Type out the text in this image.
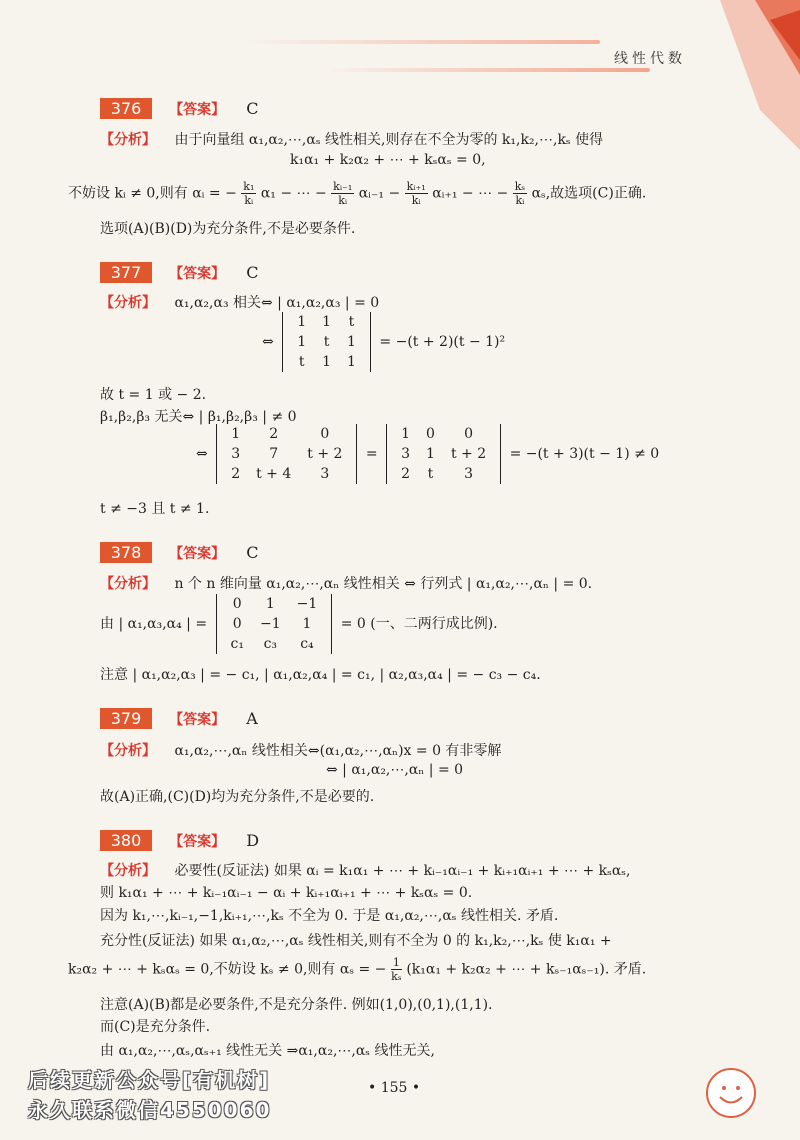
线性代数
376 【答案】 C
【分析】 由于向量组 α₁,α₂,⋯,αₛ 线性相关,则存在不全为零的 k₁,k₂,⋯,kₛ 使得
k₁α₁ + k₂α₂ + ⋯ + kₛαₛ = 0,
不妨设 kᵢ ≠ 0,则有 αᵢ = − $\frac{\text{k₁}}{\text{kᵢ}} \alpha_1$ − ⋯ − $\frac{\text{kᵢ₋₁}}{\text{kᵢ}}$ αᵢ₋₁ − $\frac{\text{kᵢ₊₁}}{\text{kᵢ}}$ αᵢ₊₁ − ⋯ − $\frac{\text{kₛ}}{\text{kᵢ}} \alpha_s$,故选项(C)正确.
选项(A)(B)(D)为充分条件,不是必要条件.
377 【答案】 C
【分析】 α₁,α₂,α₃ 相关⇔ | α₁,α₂,α₃ | = 0
⇔
1	1	t
1	t	1
t	1	1
= −(t + 2)(t − 1)²
故 t = 1 或 − 2.
β₁,β₂,β₃ 无关⇔ | β₁,β₂,β₃ | ≠ 0
⇔
1	2	0
3	7	t + 2
2	t + 4	3
=
1	0	0
3	1	t + 2
2	t	3
= −(t + 3)(t − 1) ≠ 0
t ≠ −3 且 t ≠ 1.
378 【答案】 C
【分析】 n 个 n 维向量 α₁,α₂,⋯,αₙ 线性相关 ⇔ 行列式 | α₁,α₂,⋯,αₙ | = 0.
由 | α₁,α₃,α₄ | =
0	1	−1
0	−1	1
c₁	c₃	c₄
= 0 (一、二两行成比例).
注意 | α₁,α₂,α₃ | = − c₁, | α₁,α₂,α₄ | = c₁, | α₂,α₃,α₄ | = − c₃ − c₄.
379 【答案】 A
【分析】 α₁,α₂,⋯,αₙ 线性相关⇔(α₁,α₂,⋯,αₙ)x = 0 有非零解
⇔ | α₁,α₂,⋯,αₙ | = 0
故(A)正确,(C)(D)均为充分条件,不是必要的.
380 【答案】 D
【分析】 必要性(反证法) 如果 αᵢ = k₁α₁ + ⋯ + kᵢ₋₁αᵢ₋₁ + kᵢ₊₁αᵢ₊₁ + ⋯ + kₛαₛ,
则 k₁α₁ + ⋯ + kᵢ₋₁αᵢ₋₁ − αᵢ + kᵢ₊₁αᵢ₊₁ + ⋯ + kₛαₛ = 0.
因为 k₁,⋯,kᵢ₋₁,−1,kᵢ₊₁,⋯,kₛ 不全为 0. 于是 α₁,α₂,⋯,αₛ 线性相关. 矛盾.
充分性(反证法) 如果 α₁,α₂,⋯,αₛ 线性相关,则有不全为 0 的 k₁,k₂,⋯,kₛ 使 k₁α₁ +
k₂α₂ + ⋯ + kₛαₛ = 0,不妨设 kₛ ≠ 0,则有 αₛ = − $\frac{1}{\text{kₛ}} (k_1\alpha_1 + k_2\alpha_2$ + ⋯ + kₛ₋₁αₛ₋₁). 矛盾.
注意(A)(B)都是必要条件,不是充分条件. 例如(1,0),(0,1),(1,1).
而(C)是充分条件.
由 α₁,α₂,⋯,αₛ,αₛ₊₁ 线性无关 ⇒α₁,α₂,⋯,αₛ 线性无关,
• 155 •
后续更新公众号[有机树]
永久联系微信4550060
